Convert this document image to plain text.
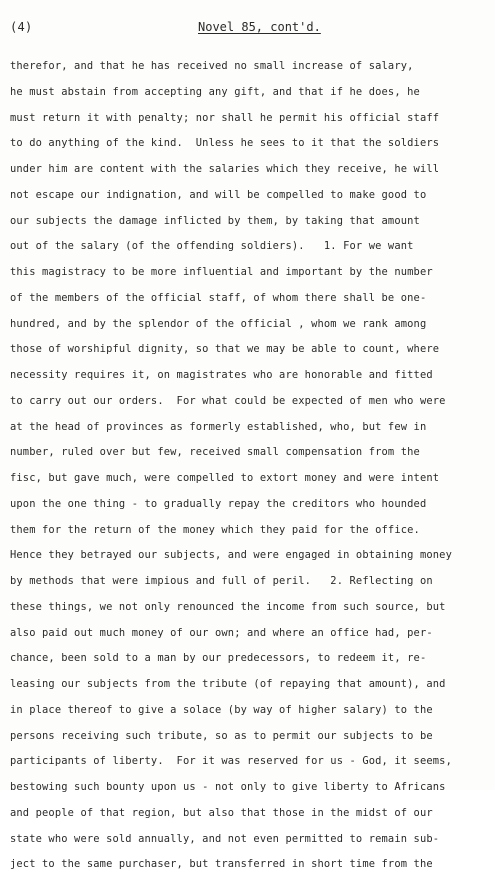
(4)	Novel 85, cont'd.
therefor, and that he has received no small increase of salary,
he must abstain from accepting any gift, and that if he does, he
must return it with penalty; nor shall he permit his official staff
to do anything of the kind.  Unless he sees to it that the soldiers
under him are content with the salaries which they receive, he will
not escape our indignation, and will be compelled to make good to
our subjects the damage inflicted by them, by taking that amount
out of the salary (of the offending soldiers).   1. For we want
this magistracy to be more influential and important by the number
of the members of the official staff, of whom there shall be one-
hundred, and by the splendor of the official , whom we rank among
those of worshipful dignity, so that we may be able to count, where
necessity requires it, on magistrates who are honorable and fitted
to carry out our orders.  For what could be expected of men who were
at the head of provinces as formerly established, who, but few in
number, ruled over but few, received small compensation from the
fisc, but gave much, were compelled to extort money and were intent
upon the one thing - to gradually repay the creditors who hounded
them for the return of the money which they paid for the office.
Hence they betrayed our subjects, and were engaged in obtaining money
by methods that were impious and full of peril.   2. Reflecting on
these things, we not only renounced the income from such source, but
also paid out much money of our own; and where an office had, per-
chance, been sold to a man by our predecessors, to redeem it, re-
leasing our subjects from the tribute (of repaying that amount), and
in place thereof to give a solace (by way of higher salary) to the
persons receiving such tribute, so as to permit our subjects to be
participants of liberty.  For it was reserved for us - God, it seems,
bestowing such bounty upon us - not only to give liberty to Africans
and people of that region, but also that those in the midst of our
state who were sold annually, and not even permitted to remain sub-
ject to the same purchaser, but transferred in short time from the
